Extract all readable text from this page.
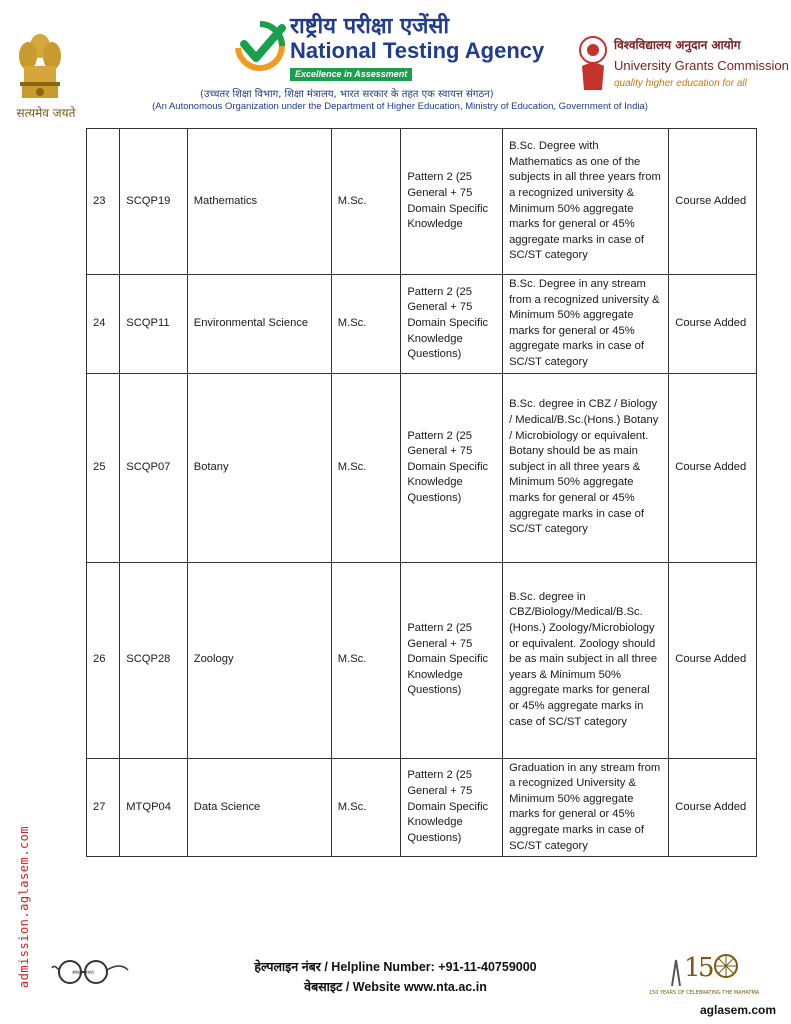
सत्यमेव जयते
राष्ट्रीय परीक्षा एजेंसी
National Testing Agency
Excellence in Assessment
(उच्चतर शिक्षा विभाग, शिक्षा मंत्रालय, भारत सरकार के तहत एक स्वायत्त संगठन)
(An Autonomous Organization under the Department of Higher Education, Ministry of Education, Government of India)
विश्वविद्यालय अनुदान आयोग
University Grants Commission
quality higher education for all
23	SCQP19	Mathematics	M.Sc.	Pattern 2 (25 General + 75 Domain Specific Knowledge	B.Sc. Degree with Mathematics as one of the subjects in all three years from a recognized university & Minimum 50% aggregate marks for general or 45% aggregate marks in case of SC/ST category	Course Added
24	SCQP11	Environmental Science	M.Sc.	Pattern 2 (25 General + 75 Domain Specific Knowledge Questions)	B.Sc. Degree in any stream from a recognized university & Minimum 50% aggregate marks for general or 45% aggregate marks in case of SC/ST category	Course Added
25	SCQP07	Botany	M.Sc.	Pattern 2 (25 General + 75 Domain Specific Knowledge Questions)	B.Sc. degree in CBZ / Biology / Medical/B.Sc.(Hons.) Botany / Microbiology or equivalent. Botany should be as main subject in all three years & Minimum 50% aggregate marks for general or 45% aggregate marks in case of SC/ST category	Course Added
26	SCQP28	Zoology	M.Sc.	Pattern 2 (25 General + 75 Domain Specific Knowledge Questions)	B.Sc. degree in CBZ/Biology/Medical/B.Sc.(Hons.) Zoology/Microbiology or equivalent. Zoology should be as main subject in all three years & Minimum 50% aggregate marks for general or 45% aggregate marks in case of SC/ST category	Course Added
27	MTQP04	Data Science	M.Sc.	Pattern 2 (25 General + 75 Domain Specific Knowledge Questions)	Graduation in any stream from a recognized University & Minimum 50% aggregate marks for general or 45% aggregate marks in case of SC/ST category	Course Added
admission.aglasem.com	स्वच्छ भारत	हेल्पलाइन नंबर / Helpline Number: +91-11-40759000
वेबसाइट / Website www.nta.ac.in
1
5
150 YEARS OF CELEBRATING THE MAHATMA
aglasem.com
